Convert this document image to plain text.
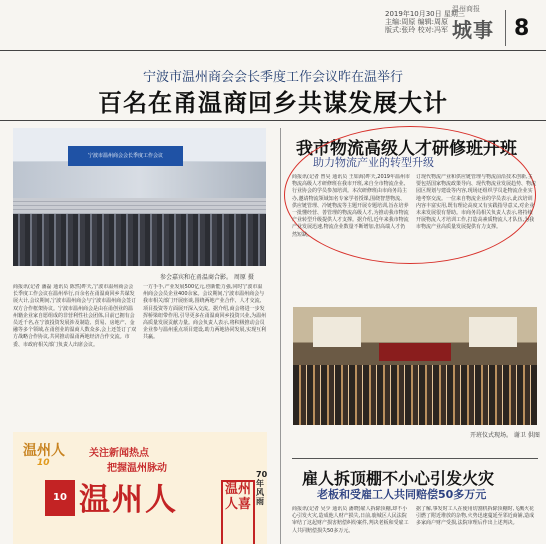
2019年10月30日 星期三
主编:周原 编辑:周原
版式:张玲 校对:冯军
温州商报
城事 8
宁波市温州商会会长季度工作会议昨在温举行
百名在甬温商回乡共谋发展大计
宁波市温州商会会长季度工作会议
参会嘉宾和在甬温商合影。 周原 摄
商报讯(记者 潘磊 通讯员 陈然)昨天,宁波市温州商会会长季度工作会议在温州举行,百余名在甬温商回乡共谋发展大计,会议期间,宁波市温州商会与宁波市温州商会签订双方合作框架协议。宁波市温州商会是由在甬创业的温州籍企业家自愿组成的非营利性社会团体,目前已拥有会员近千名,在宁波投资发展涉及制造、贸易、房地产、金融等多个领域,在甬创业的温商人数众多,会上还签订了双方战略合作协议,共同推动温甬两地经济合作交流。市委、市政府相关部门负责人出席会议。
一方手手,产业发展500亿元,创新能力强,同时宁波市温州商会会员企业400余家。会议期间,宁波市温州商会与我市相关部门开展座谈,围绕两地产业合作、人才交流、项目投资等方面展开深入交流。据介绍,商会将进一步发挥桥梁纽带作用,引导更多在甬温商回乡投资兴业,为温州高质量发展贡献力量。商会负责人表示,将积极推动会员企业参与温州重点项目建设,助力两地协同发展,实现互利共赢。
我市物流高级人才研修班开班
助力物流产业的转型升级
商报讯(记者 曾昊 通讯员 王如海)昨天,2019年温州市物流高级人才研修班在我市开班,来自全市物流企业、行业协会的学员参加培训。本次研修班由市商务局主办,邀请物流领域知名专家学者授课,围绕智慧物流、供应链管理、冷链物流等主题开展专题培训,旨在培养一批懂经营、善管理的物流高级人才,为推动我市物流产业转型升级提供人才支撑。据介绍,近年来我市物流产业发展迅速,物流企业数量不断增加,但高端人才仍然短缺。
订现代物流产业和供应链管理与物流前沿技术创新,主要包括国家物流政策导向、现代物流业发展趋势、物流园区规划与建设等内容,现场还组织学员赴物流企业实地考察交流。一位来自物流企业的学员表示,此次培训内容丰富实用,既有理论高度又有实践指导意义,对企业未来发展很有帮助。市商务局相关负责人表示,将持续开展物流人才培训工作,打造高素质物流人才队伍,为我市物流产业高质量发展提供有力支撑。
开班仪式现场。 谢卫 供图
温州人
10
关注新闻热点
把握温州脉动
10 温州人	温州人喜
70年风雨
雇人拆顶棚不小心引发火灾
老板和受雇工人共同赔偿50多万元
商报讯(记者 吴少 通讯员 潘晓)雇人拆除顶棚,却不小心引发火灾,造成他人财产损失,日前,鹿城区人民法院审结了这起财产损害赔偿纠纷案件,判决老板和受雇工人共同赔偿损失50多万元。
据了解,事发时工人在使用切割机拆除顶棚时,飞溅火花引燃了附近堆放的杂物,火势迅速蔓延至邻近商铺,造成多家商户财产受损,法院审理后作出上述判决。
